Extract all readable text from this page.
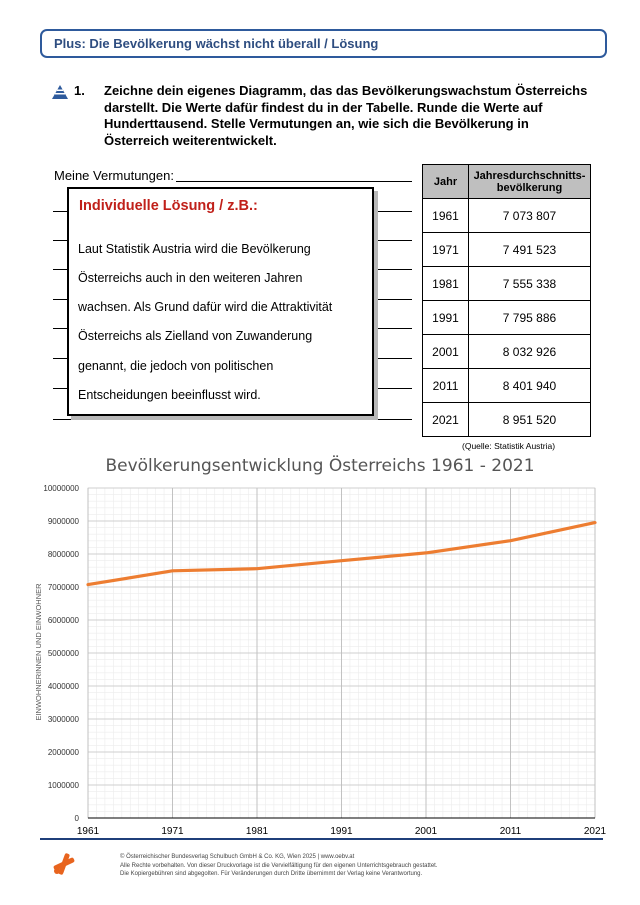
Plus: Die Bevölkerung wächst nicht überall / Lösung
1. Zeichne dein eigenes Diagramm, das das Bevölkerungswachstum Österreichs darstellt. Die Werte dafür findest du in der Tabelle. Runde die Werte auf Hunderttausend. Stelle Vermutungen an, wie sich die Bevölkerung in Österreich weiterentwickelt.
Meine Vermutungen:
Individuelle Lösung / z.B.:
Laut Statistik Austria wird die Bevölkerung
Österreichs auch in den weiteren Jahren
wachsen. Als Grund dafür wird die Attraktivität
Österreichs als Zielland von Zuwanderung
genannt, die jedoch von politischen
Entscheidungen beeinflusst wird.
Jahr	Jahresdurchschnitts-
bevölkerung
1961	7 073 807
1971	7 491 523
1981	7 555 338
1991	7 795 886
2001	8 032 926
2011	8 401 940
2021	8 951 520
(Quelle: Statistik Austria)
Bevölkerungsentwicklung Österreichs 1961 - 2021
EINWOHNERINNEN UND EINWOHNER
0
1000000
2000000
3000000
4000000
5000000
6000000
7000000
8000000
9000000
10000000
1961	1971	1981	1991	2001	2011	2021
© Österreichischer Bundesverlag Schulbuch GmbH & Co. KG, Wien 2025 | www.oebv.at
Alle Rechte vorbehalten. Von dieser Druckvorlage ist die Vervielfältigung für den eigenen Unterrichtsgebrauch gestattet.
Die Kopiergebühren sind abgegolten. Für Veränderungen durch Dritte übernimmt der Verlag keine Verantwortung.
